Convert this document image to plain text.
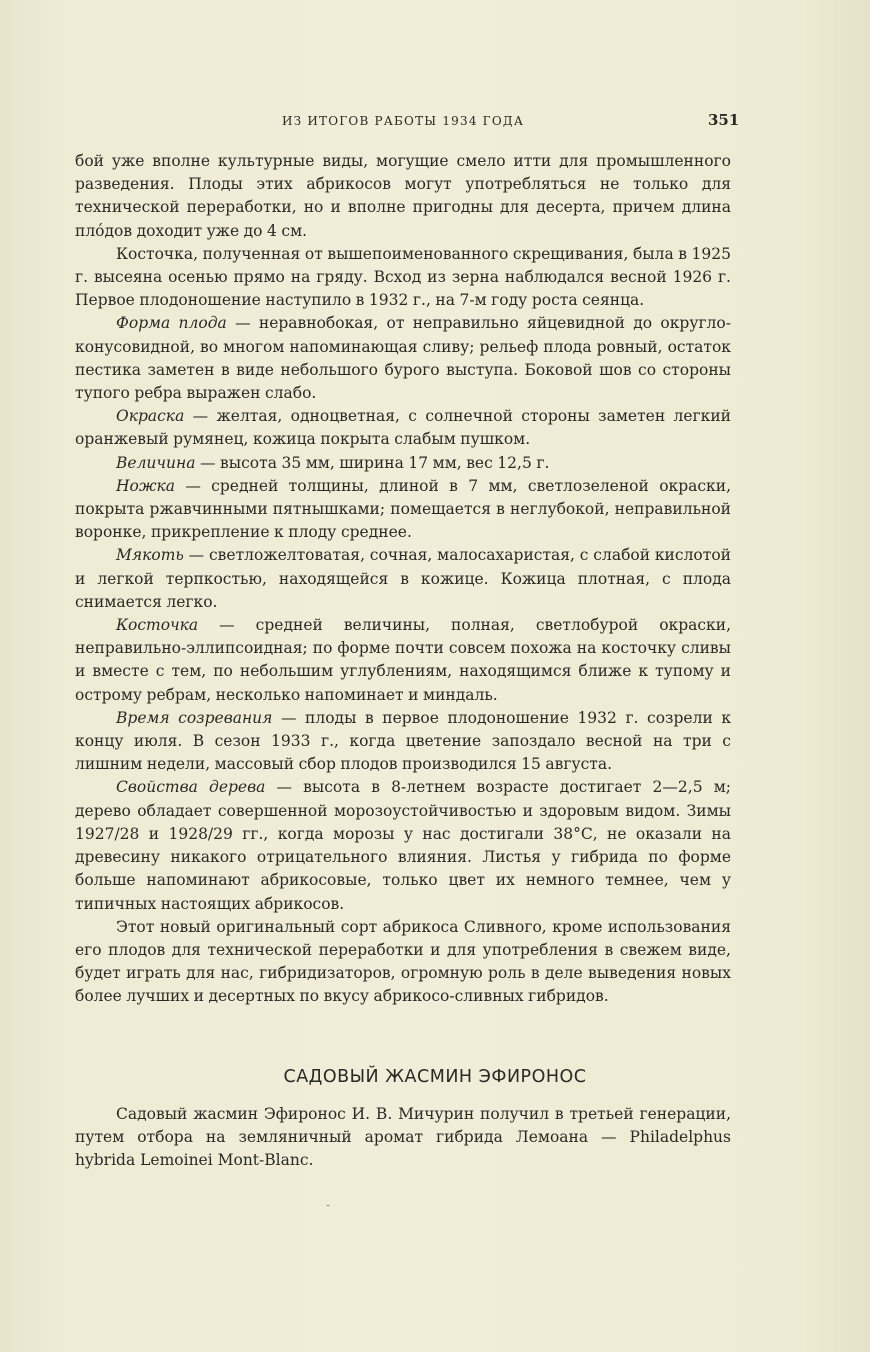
ИЗ ИТОГОВ РАБОТЫ 1934 ГОДА	351

бой уже вполне культурные виды, могущие смело итти для промышленного разведения. Плоды этих абрикосов могут употребляться не только для технической переработки, но и вполне пригодны для десерта, причем длина плóдов доходит уже до 4 см.

Косточка, полученная от вышепоименованного скрещивания, была в 1925 г. высеяна осенью прямо на гряду. Всход из зерна наблюдался весной 1926 г. Первое плодоношение наступило в 1932 г., на 7-м году роста сеянца.

Форма плода — неравнобокая, от неправильно яйцевидной до округло-конусовидной, во многом напоминающая сливу; рельеф плода ровный, остаток пестика заметен в виде небольшого бурого выступа. Боковой шов со стороны тупого ребра выражен слабо.

Окраска — желтая, одноцветная, с солнечной стороны заметен легкий оранжевый румянец, кожица покрыта слабым пушком.

Величина — высота 35 мм, ширина 17 мм, вес 12,5 г.

Ножка — средней толщины, длиной в 7 мм, светлозеленой окраски, покрыта ржавчинными пятнышками; помещается в неглубокой, неправильной воронке, прикрепление к плоду среднее.

Мякоть — светложелтоватая, сочная, малосахаристая, с слабой кислотой и легкой терпкостью, находящейся в кожице. Кожица плотная, с плода снимается легко.

Косточка — средней величины, полная, светлобурой окраски, неправильно-эллипсоидная; по форме почти совсем похожа на косточку сливы и вместе с тем, по небольшим углублениям, находящимся ближе к тупому и острому ребрам, несколько напоминает и миндаль.

Время созревания — плоды в первое плодоношение 1932 г. созрели к концу июля. В сезон 1933 г., когда цветение запоздало весной на три с лишним недели, массовый сбор плодов производился 15 августа.

Свойства дерева — высота в 8-летнем возрасте достигает 2—2,5 м; дерево обладает совершенной морозоустойчивостью и здоровым видом. Зимы 1927/28 и 1928/29 гг., когда морозы у нас достигали 38°С, не оказали на древесину никакого отрицательного влияния. Листья у гибрида по форме больше напоминают абрикосовые, только цвет их немного темнее, чем у типичных настоящих абрикосов.

Этот новый оригинальный сорт абрикоса Сливного, кроме использования его плодов для технической переработки и для употребления в свежем виде, будет играть для нас, гибридизаторов, огромную роль в деле выведения новых более лучших и десертных по вкусу абрикосо-сливных гибридов.

САДОВЫЙ ЖАСМИН ЭФИРОНОС

Садовый жасмин Эфиронос И. В. Мичурин получил в третьей генерации, путем отбора на земляничный аромат гибрида Лемоана — Philadelphus hybrida Lemoinei Mont-Blanc.

-
